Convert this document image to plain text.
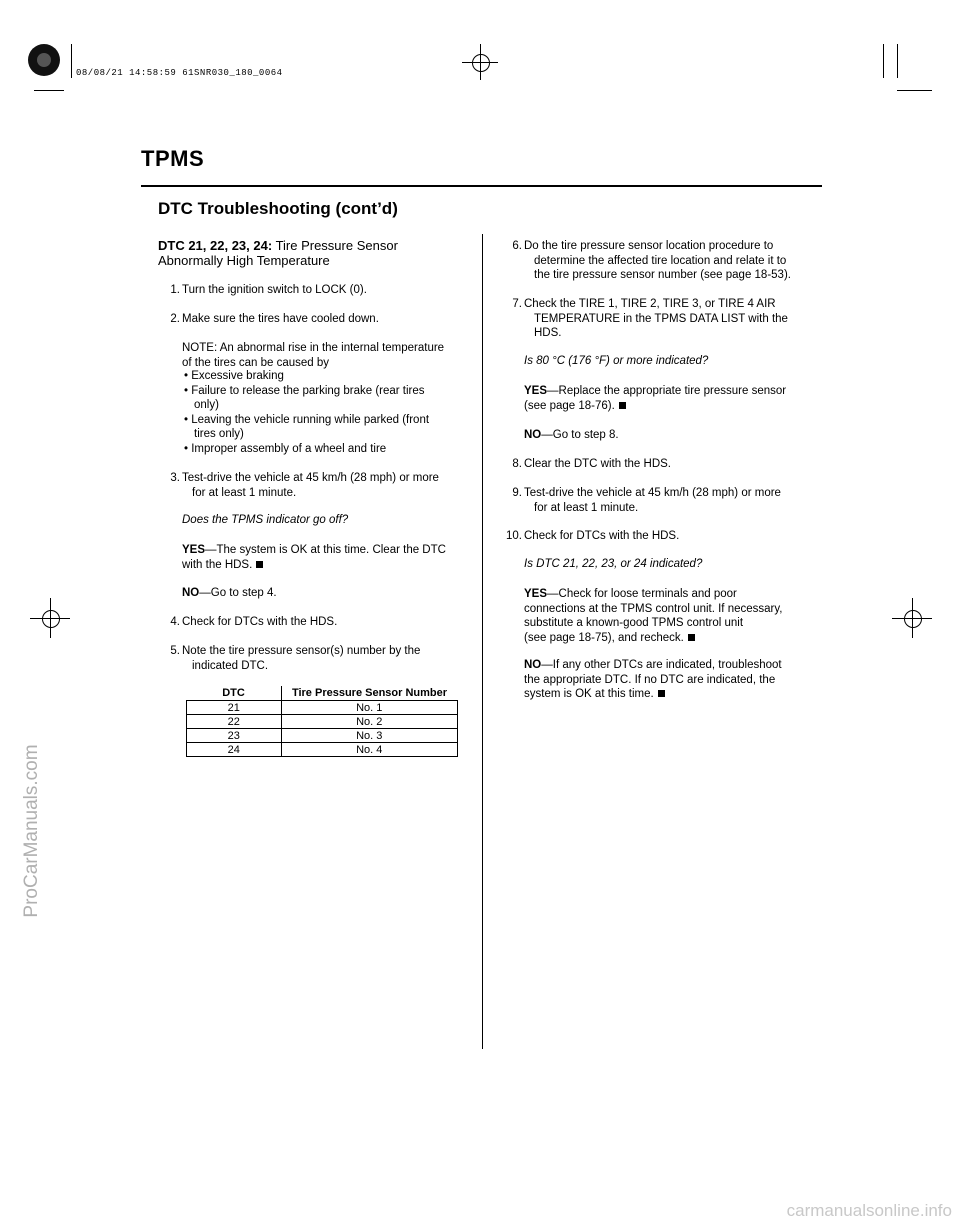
08/08/21 14:58:59 61SNR030_180_0064
TPMS
DTC Troubleshooting (cont’d)
DTC 21, 22, 23, 24: Tire Pressure Sensor
Abnormally High Temperature
1. Turn the ignition switch to LOCK (0).
2. Make sure the tires have cooled down.
NOTE: An abnormal rise in the internal temperature
of the tires can be caused by
• Excessive braking
• Failure to release the parking brake (rear tires
only)
• Leaving the vehicle running while parked (front
tires only)
• Improper assembly of a wheel and tire
3. Test-drive the vehicle at 45 km/h (28 mph) or more
for at least 1 minute.
Does the TPMS indicator go off?
YES—The system is OK at this time. Clear the DTC
with the HDS.
NO—Go to step 4.
4. Check for DTCs with the HDS.
5. Note the tire pressure sensor(s) number by the
indicated DTC.
DTC	Tire Pressure Sensor Number
21	No. 1
22	No. 2
23	No. 3
24	No. 4
6. Do the tire pressure sensor location procedure to
determine the affected tire location and relate it to
the tire pressure sensor number (see page 18-53).
7. Check the TIRE 1, TIRE 2, TIRE 3, or TIRE 4 AIR
TEMPERATURE in the TPMS DATA LIST with the
HDS.
Is 80 °C (176 °F) or more indicated?
YES—Replace the appropriate tire pressure sensor
(see page 18-76).
NO—Go to step 8.
8. Clear the DTC with the HDS.
9. Test-drive the vehicle at 45 km/h (28 mph) or more
for at least 1 minute.
10. Check for DTCs with the HDS.
Is DTC 21, 22, 23, or 24 indicated?
YES—Check for loose terminals and poor
connections at the TPMS control unit. If necessary,
substitute a known-good TPMS control unit
(see page 18-75), and recheck.
NO—If any other DTCs are indicated, troubleshoot
the appropriate DTC. If no DTC are indicated, the
system is OK at this time.
ProCarManuals.com
carmanualsonline.info
